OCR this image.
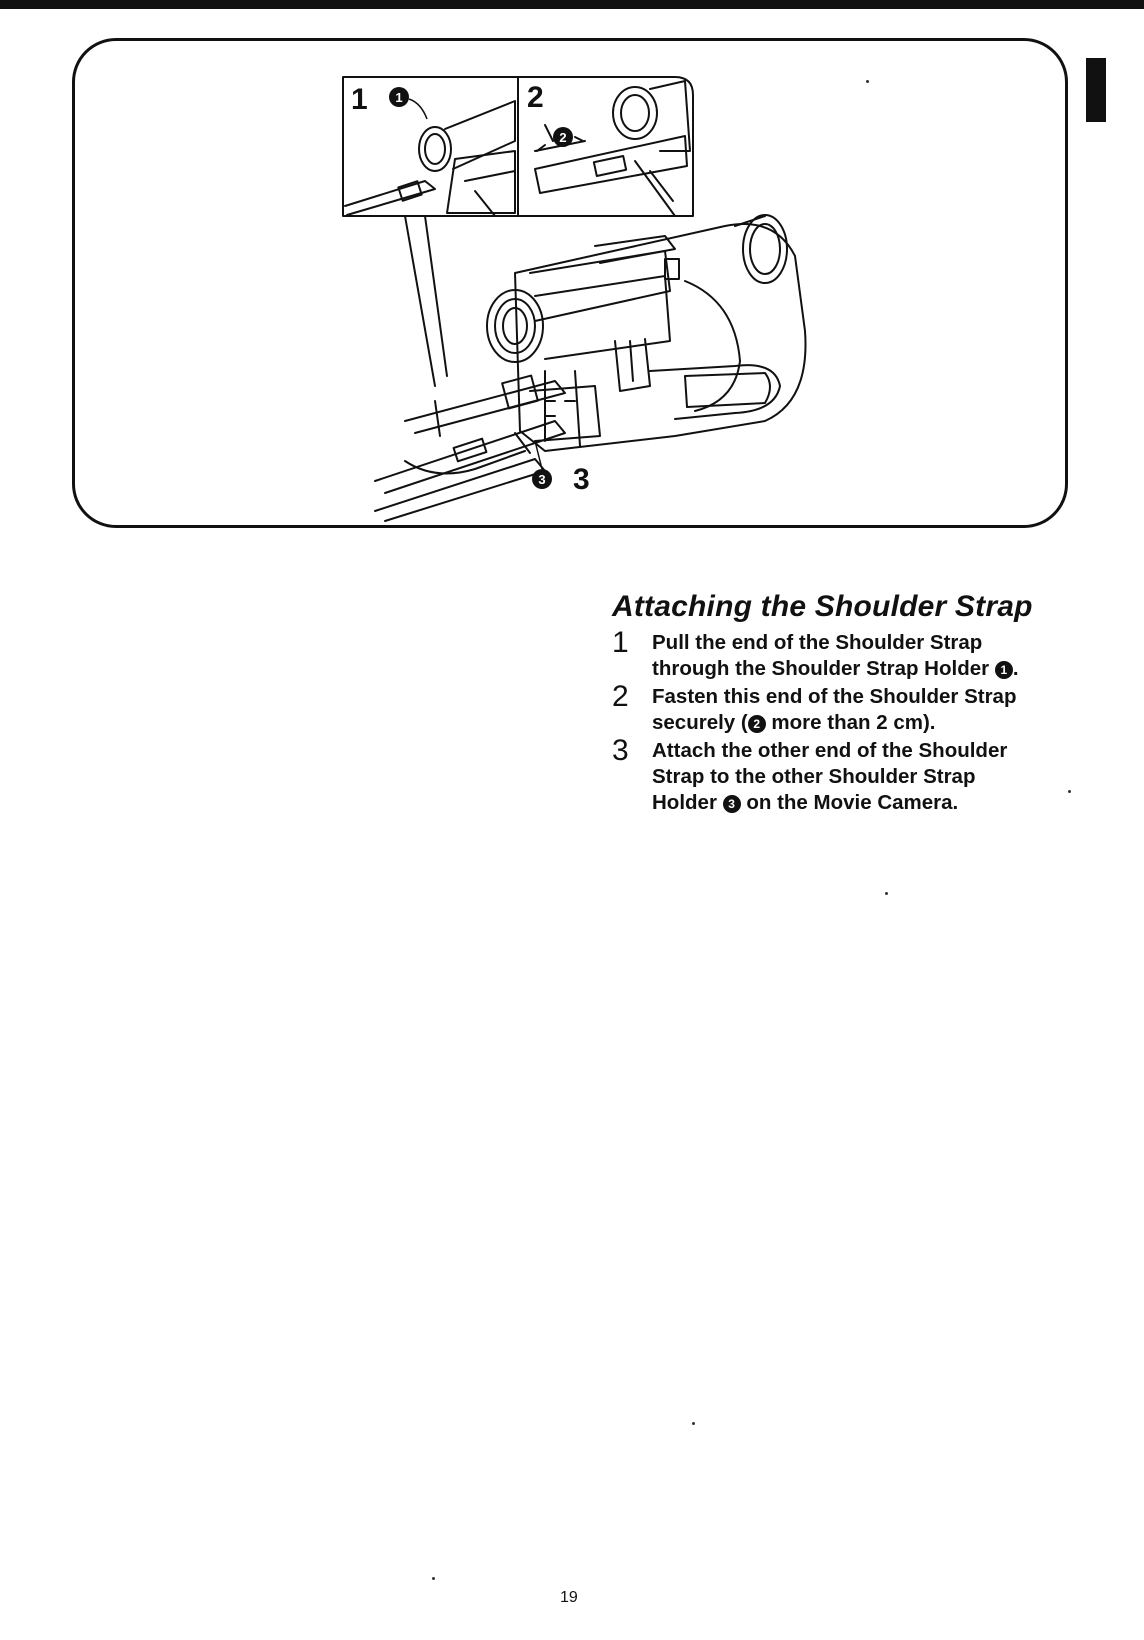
1 1	2
2
3 3
Attaching the Shoulder Strap
1 Pull the end of the Shoulder Strap
through the Shoulder Strap Holder 1 .
2 Fasten this end of the Shoulder Strap
securely ( 2 more than 2 cm).
3 Attach the other end of the Shoulder
Strap to the other Shoulder Strap
Holder 3 on the Movie Camera.
19
